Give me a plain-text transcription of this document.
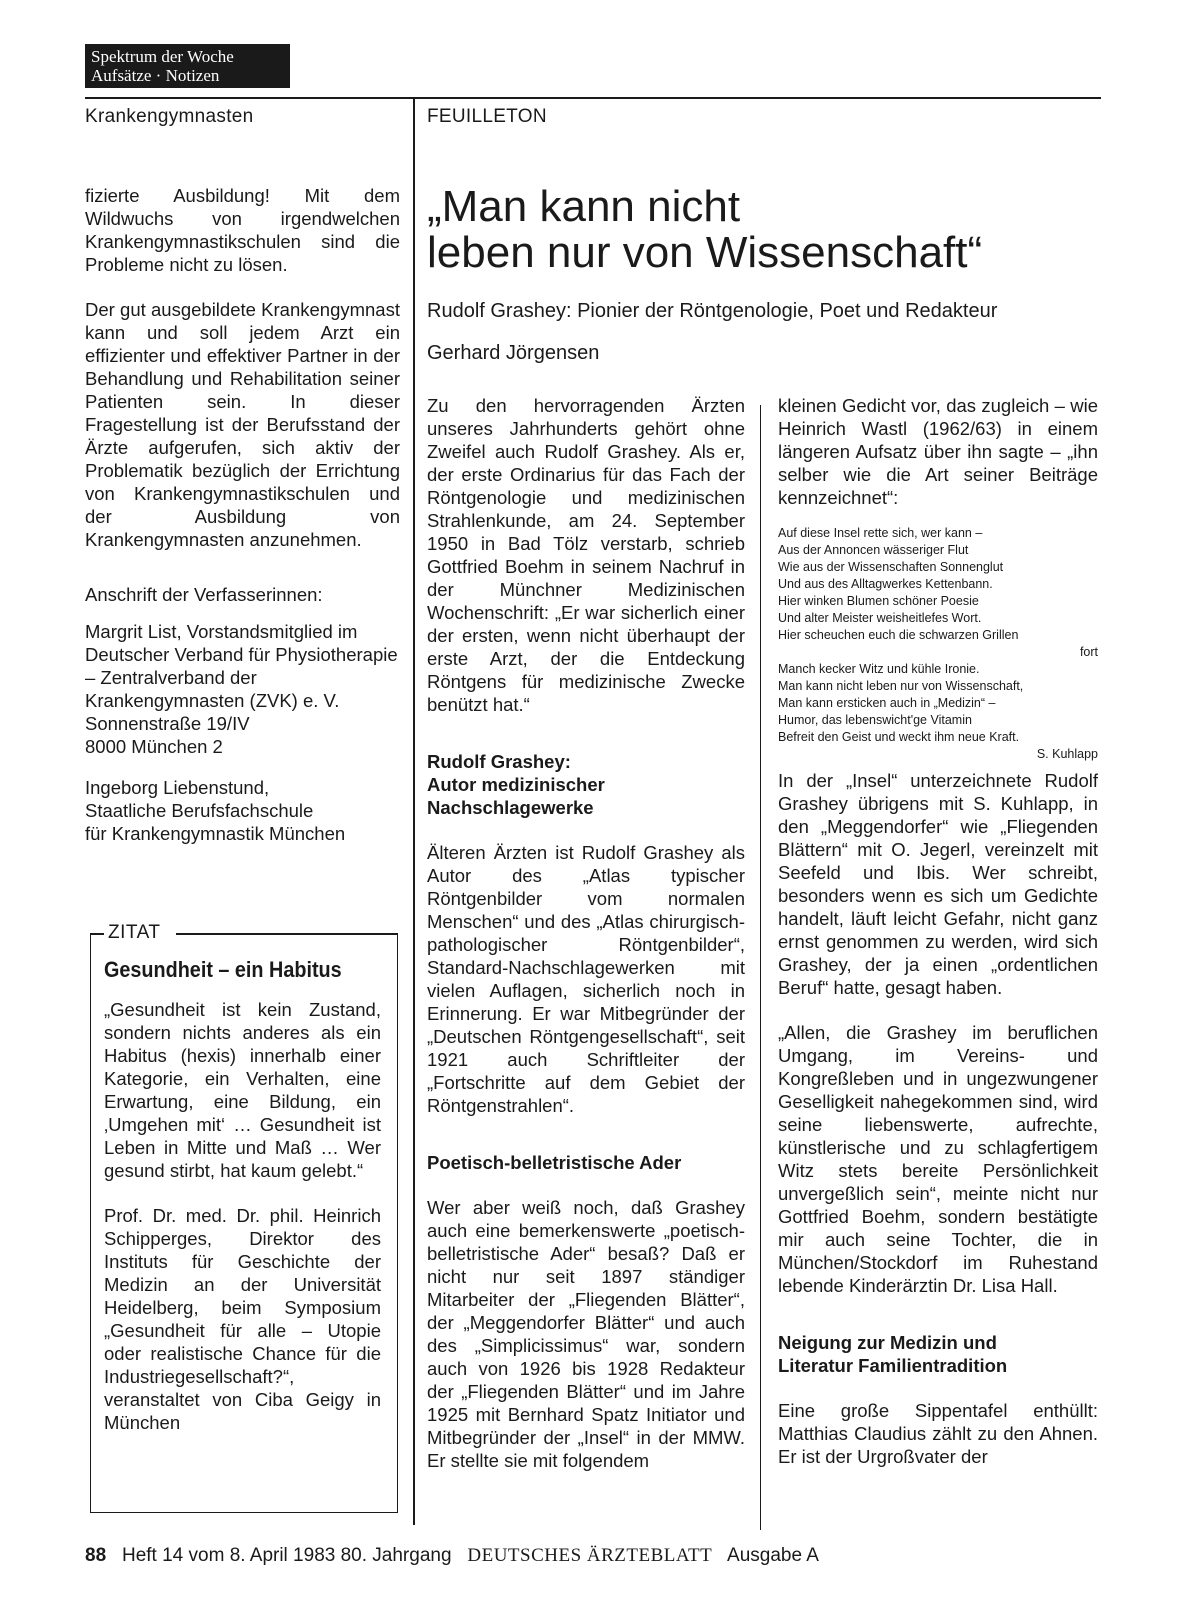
Spektrum der Woche
Aufsätze · Notizen
Krankengymnasten

fizierte Ausbildung! Mit dem Wildwuchs von irgendwelchen Krankengymnastikschulen sind die Probleme nicht zu lösen.

Der gut ausgebildete Krankengymnast kann und soll jedem Arzt ein effizienter und effektiver Partner in der Behandlung und Rehabilitation seiner Patienten sein. In dieser Fragestellung ist der Berufsstand der Ärzte aufgerufen, sich aktiv der Problematik bezüglich der Errichtung von Krankengymnastikschulen und der Ausbildung von Krankengymnasten anzunehmen.

Anschrift der Verfasserinnen:

Margrit List, Vorstandsmitglied im
Deutscher Verband für Physiotherapie – Zentralverband der Krankengymnasten (ZVK) e. V.
Sonnenstraße 19/IV
8000 München 2
Ingeborg Liebenstund,
Staatliche Berufsfachschule
für Krankengymnastik München
ZITAT
Gesundheit – ein Habitus

„Gesundheit ist kein Zustand, sondern nichts anderes als ein Habitus (hexis) innerhalb einer Kategorie, ein Verhalten, eine Erwartung, eine Bildung, ein ‚Umgehen mit‘ … Gesundheit ist Leben in Mitte und Maß … Wer gesund stirbt, hat kaum gelebt.“

Prof. Dr. med. Dr. phil. Heinrich Schipperges, Direktor des Instituts für Geschichte der Medizin an der Universität Heidelberg, beim Symposium „Gesundheit für alle – Utopie oder realistische Chance für die Industriegesellschaft?“, veranstaltet von Ciba Geigy in München

FEUILLETON
„Man kann nicht
leben nur von Wissenschaft“
Rudolf Grashey: Pionier der Röntgenologie, Poet und Redakteur
Gerhard Jörgensen

Zu den hervorragenden Ärzten unseres Jahrhunderts gehört ohne Zweifel auch Rudolf Grashey. Als er, der erste Ordinarius für das Fach der Röntgenologie und medizinischen Strahlenkunde, am 24. September 1950 in Bad Tölz verstarb, schrieb Gottfried Boehm in seinem Nachruf in der Münchner Medizinischen Wochenschrift: „Er war sicherlich einer der ersten, wenn nicht überhaupt der erste Arzt, der die Entdeckung Röntgens für medizinische Zwecke benützt hat.“

Rudolf Grashey:
Autor medizinischer
Nachschlagewerke

Älteren Ärzten ist Rudolf Grashey als Autor des „Atlas typischer Röntgenbilder vom normalen Menschen“ und des „Atlas chirurgisch-pathologischer Röntgenbilder“, Standard-Nachschlagewerken mit vielen Auflagen, sicherlich noch in Erinnerung. Er war Mitbegründer der „Deutschen Röntgengesellschaft“, seit 1921 auch Schriftleiter der „Fortschritte auf dem Gebiet der Röntgenstrahlen“.

Poetisch-belletristische Ader

Wer aber weiß noch, daß Grashey auch eine bemerkenswerte „poetisch-belletristische Ader“ besaß? Daß er nicht nur seit 1897 ständiger Mitarbeiter der „Fliegenden Blätter“, der „Meggendorfer Blätter“ und auch des „Simplicissimus“ war, sondern auch von 1926 bis 1928 Redakteur der „Fliegenden Blätter“ und im Jahre 1925 mit Bernhard Spatz Initiator und Mitbegründer der „Insel“ in der MMW. Er stellte sie mit folgendem

kleinen Gedicht vor, das zugleich – wie Heinrich Wastl (1962/63) in einem längeren Aufsatz über ihn sagte – „ihn selber wie die Art seiner Beiträge kennzeichnet“:

Auf diese Insel rette sich, wer kann –
Aus der Annoncen wässeriger Flut
Wie aus der Wissenschaften Sonnenglut
Und aus des Alltagwerkes Kettenbann.
Hier winken Blumen schöner Poesie
Und alter Meister weisheitlefes Wort.
Hier scheuchen euch die schwarzen Grillen
fort
Manch kecker Witz und kühle Ironie.
Man kann nicht leben nur von Wissenschaft,
Man kann ersticken auch in „Medizin“ –
Humor, das lebenswicht'ge Vitamin
Befreit den Geist und weckt ihm neue Kraft.
S. Kuhlapp

In der „Insel“ unterzeichnete Rudolf Grashey übrigens mit S. Kuhlapp, in den „Meggendorfer“ wie „Fliegenden Blättern“ mit O. Jegerl, vereinzelt mit Seefeld und Ibis. Wer schreibt, besonders wenn es sich um Gedichte handelt, läuft leicht Gefahr, nicht ganz ernst genommen zu werden, wird sich Grashey, der ja einen „ordentlichen Beruf“ hatte, gesagt haben.

„Allen, die Grashey im beruflichen Umgang, im Vereins- und Kongreßleben und in ungezwungener Geselligkeit nahegekommen sind, wird seine liebenswerte, aufrechte, künstlerische und zu schlagfertigem Witz stets bereite Persönlichkeit unvergeßlich sein“, meinte nicht nur Gottfried Boehm, sondern bestätigte mir auch seine Tochter, die in München/Stockdorf im Ruhestand lebende Kinderärztin Dr. Lisa Hall.

Neigung zur Medizin und
Literatur Familientradition

Eine große Sippentafel enthüllt: Matthias Claudius zählt zu den Ahnen. Er ist der Urgroßvater der

88 Heft 14 vom 8. April 1983 80. Jahrgang DEUTSCHES ÄRZTEBLATT Ausgabe A
